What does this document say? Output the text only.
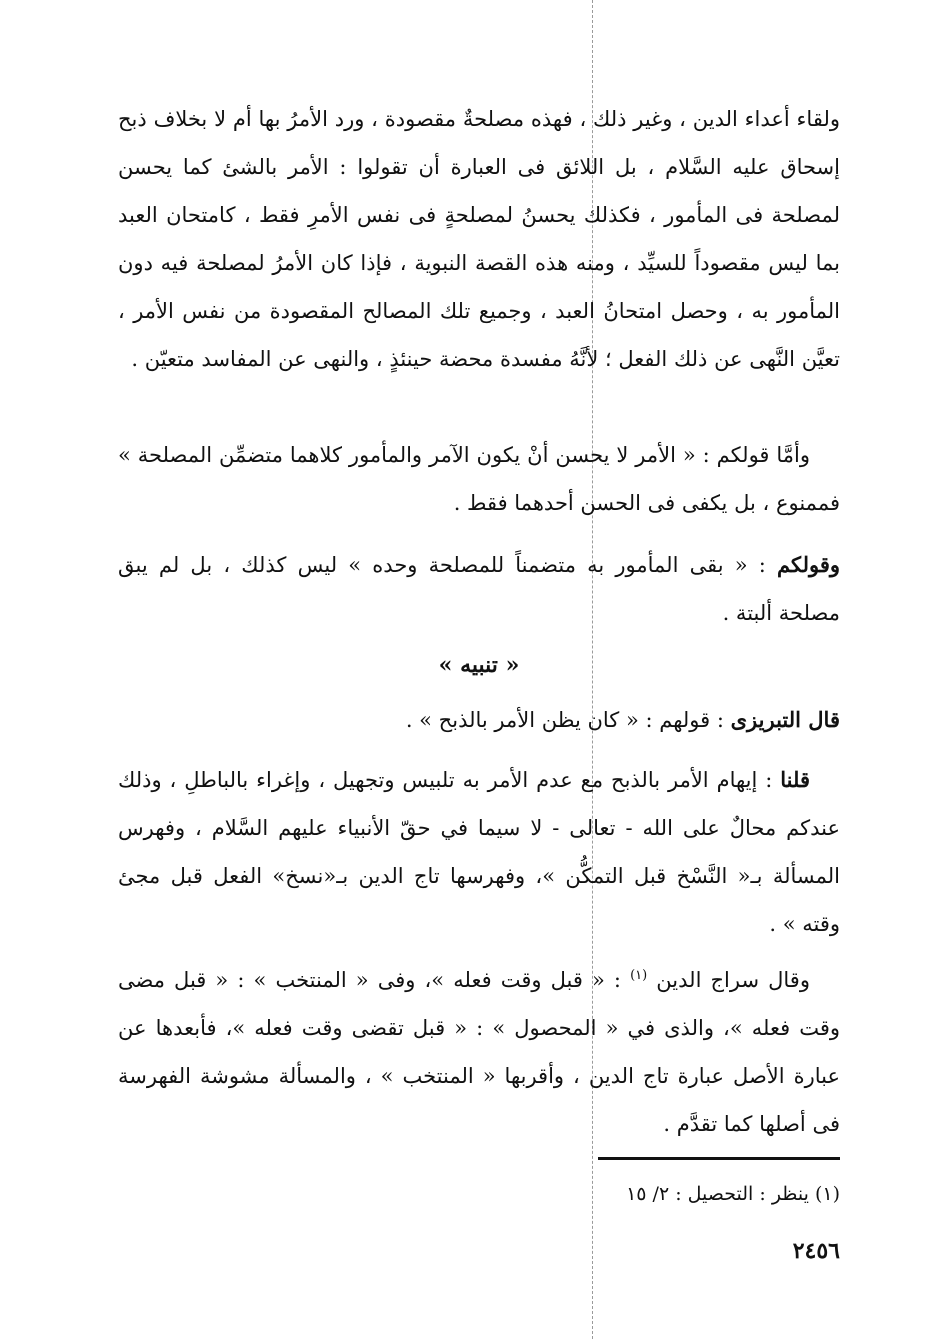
ولقاء أعداء الدين ، وغير ذلك ، فهذه مصلحةٌ مقصودة ، ورد الأمرُ بها أم لا بخلاف ذبح إسحاق عليه السَّلام ، بل اللائق فى العبارة أن تقولوا : الأمر بالشئ كما يحسن لمصلحة فى المأمور ، فكذلك يحسنُ لمصلحةٍ فى نفس الأمرِ فقط ، كامتحان العبد بما ليس مقصوداً للسيِّد ، ومنه هذه القصة النبوية ، فإذا كان الأمرُ لمصلحة فيه دون المأمور به ، وحصل امتحانُ العبد ، وجميع تلك المصالح المقصودة من نفس الأمر ، تعيَّن النَّهى عن ذلك الفعل ؛ لأنَّهُ مفسدة محضة حينئذٍ ، والنهى عن المفاسد متعيّن .

وأمَّا قولكم : « الأمر لا يحسن أنْ يكون الآمر والمأمور كلاهما متضمِّن المصلحة » فممنوع ، بل يكفى فى الحسن أحدهما فقط .

وقولكم : « بقى المأمور به متضمناً للمصلحة وحده » ليس كذلك ، بل لم يبق مصلحة ألبتة .

« تنبيه »

قال التبريزى : قولهم : « كان يظن الأمر بالذبح » .

قلنا : إيهام الأمر بالذبح مع عدم الأمر به تلبيس وتجهيل ، وإغراء بالباطلِ ، وذلك عندكم محالٌ على الله - تعالى - لا سيما في حقّ الأنبياء عليهم السَّلام ، وفهرس المسألة بـ« النَّسْخ قبل التمكُّن »، وفهرسها تاج الدين بـ«نسخ» الفعل قبل مجئ وقته » .

وقال سراج الدين $^{(١)}$ : « قبل وقت فعله »، وفى « المنتخب » : « قبل مضى وقت فعله »، والذى في « المحصول » : « قبل تقضى وقت فعله »، فأبعدها عن عبارة الأصل عبارة تاج الدين ، وأقربها « المنتخب » ، والمسألة مشوشة الفهرسة فى أصلها كما تقدَّم .

(١) ينظر : التحصيل : ٢/ ١٥
٢٤٥٦
